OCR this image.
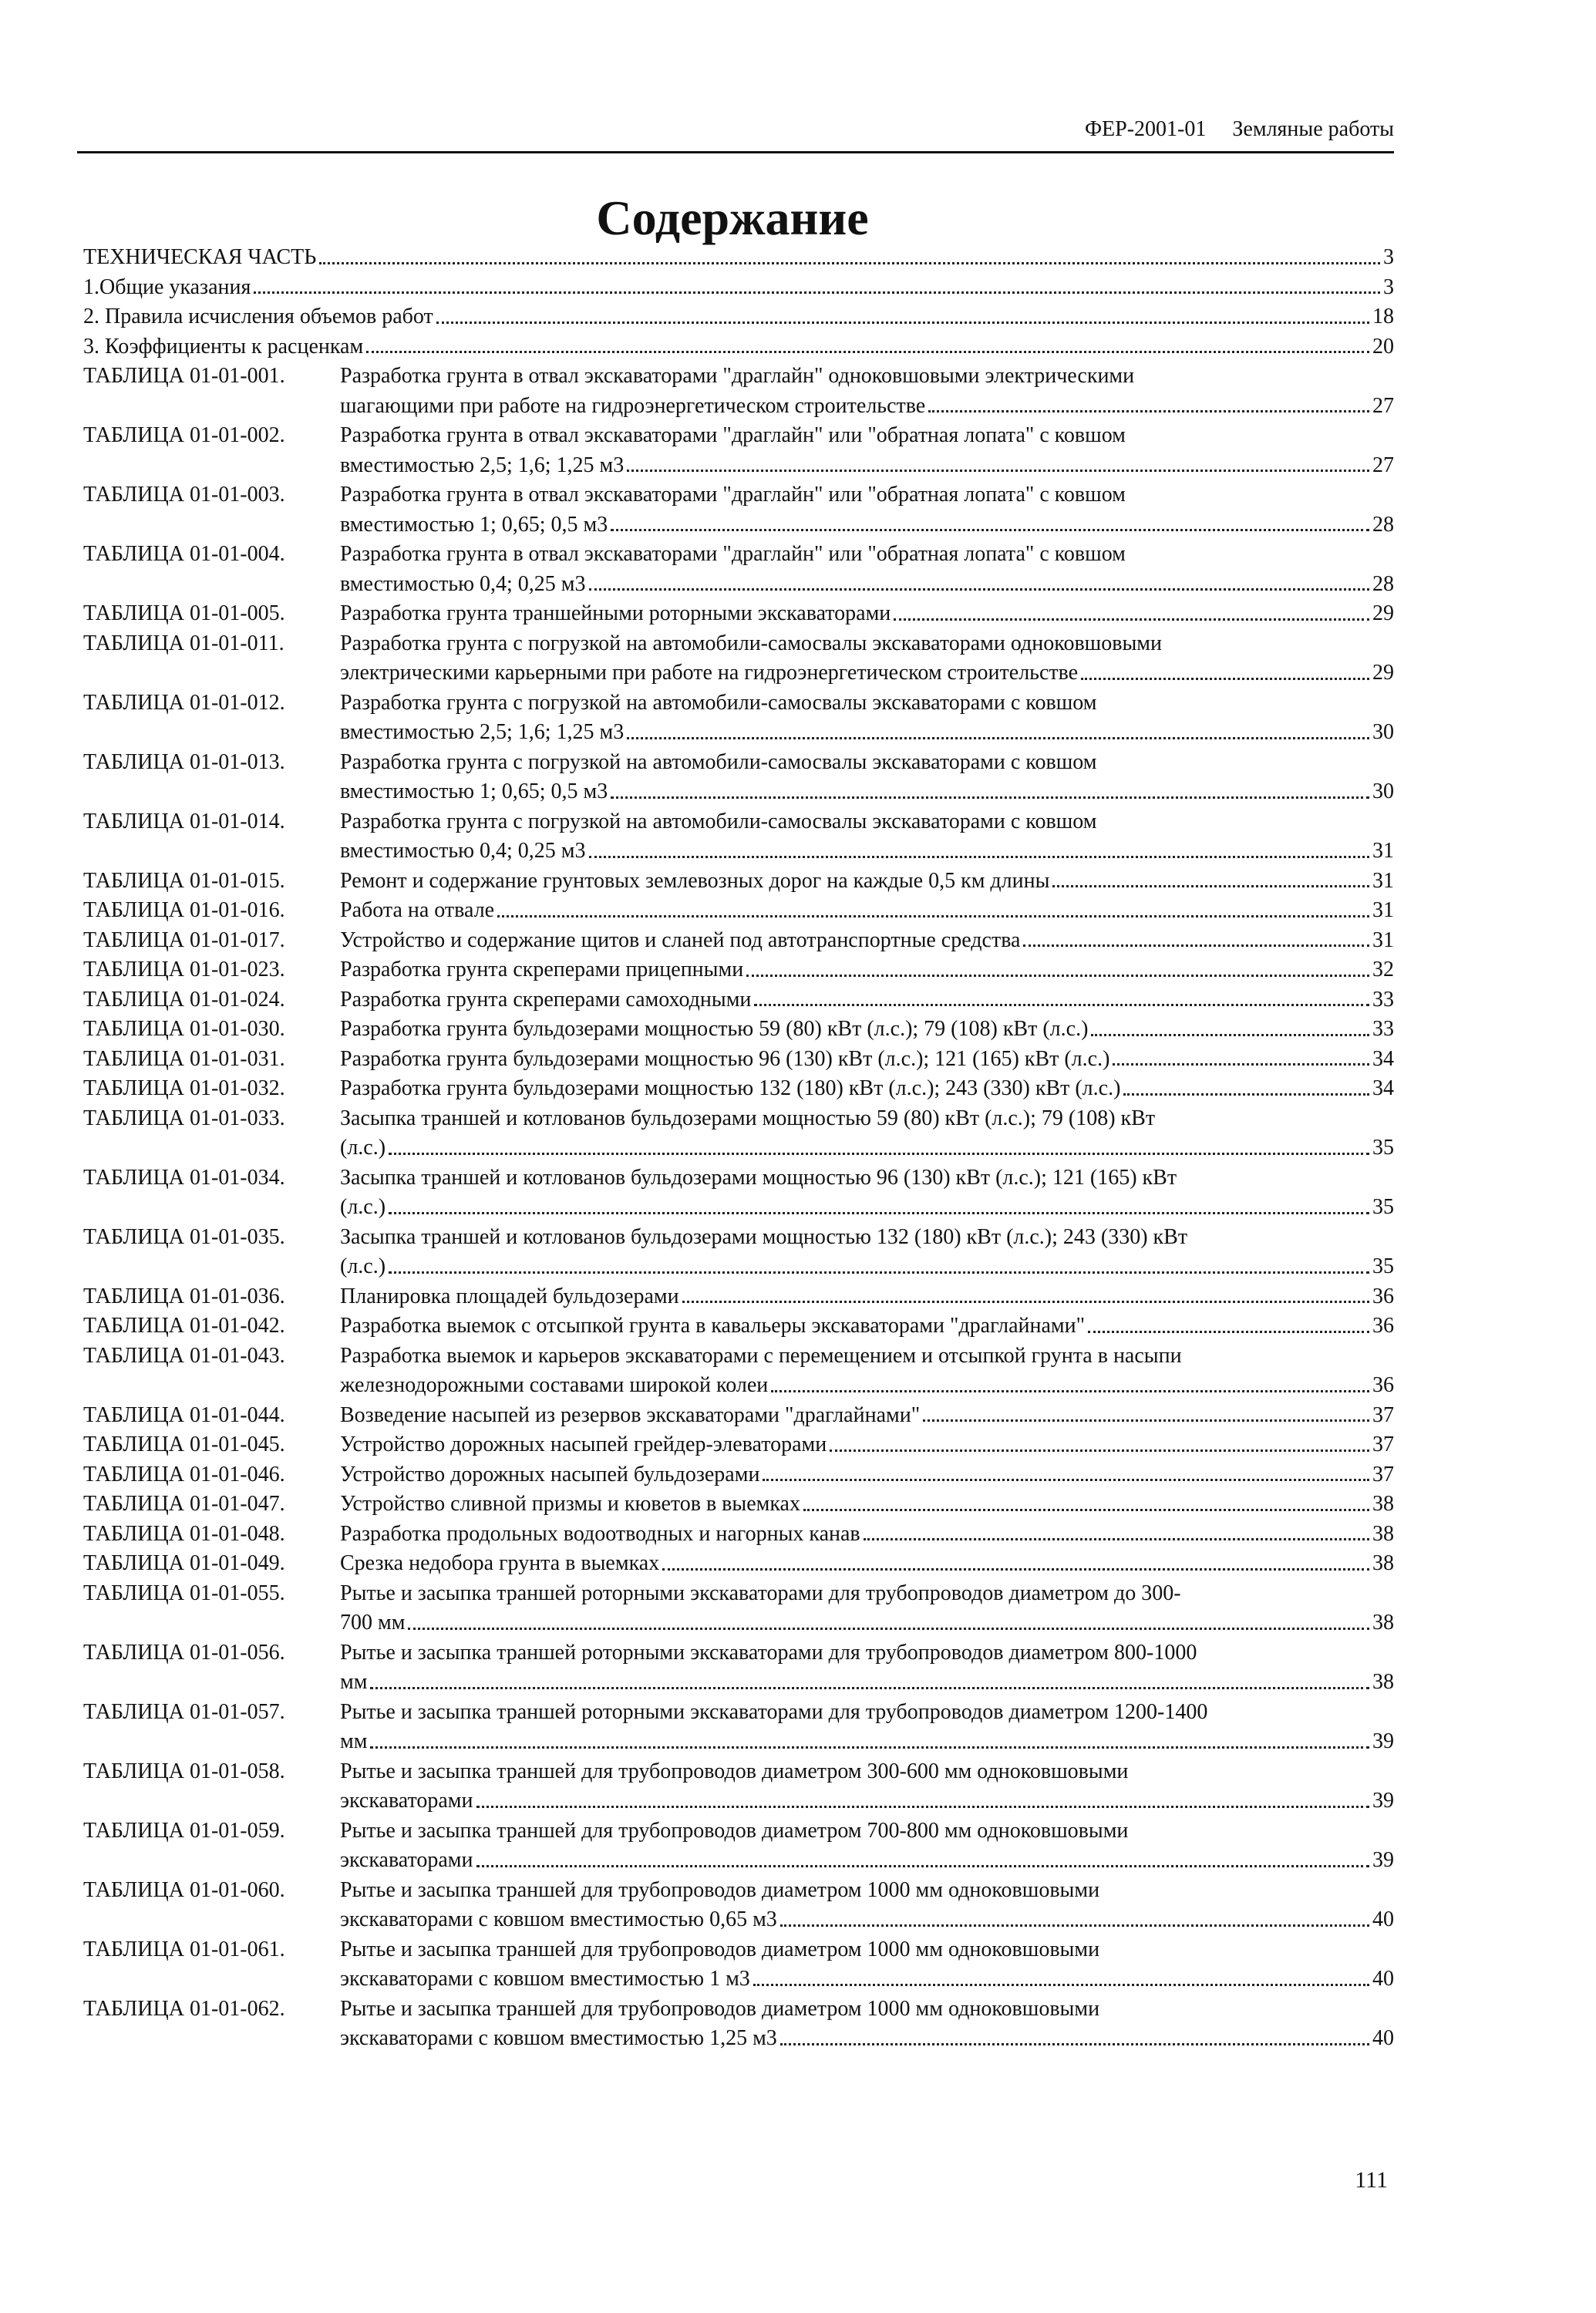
ФЕР-2001-01 Земляные работы
Содержание
ТЕХНИЧЕСКАЯ ЧАСТЬ	3
1.Общие указания	3
2. Правила исчисления объемов работ	18
3. Коэффициенты к расценкам	20
ТАБЛИЦА 01-01-001.	Разработка грунта в отвал экскаваторами "драглайн" одноковшовыми электрическими
шагающими при работе на гидроэнергетическом строительстве	27
ТАБЛИЦА 01-01-002.	Разработка грунта в отвал экскаваторами "драглайн" или "обратная лопата" с ковшом
вместимостью 2,5; 1,6; 1,25 м3	27
ТАБЛИЦА 01-01-003.	Разработка грунта в отвал экскаваторами "драглайн" или "обратная лопата" с ковшом
вместимостью 1; 0,65; 0,5 м3	28
ТАБЛИЦА 01-01-004.	Разработка грунта в отвал экскаваторами "драглайн" или "обратная лопата" с ковшом
вместимостью 0,4; 0,25 м3	28
ТАБЛИЦА 01-01-005.	Разработка грунта траншейными роторными экскаваторами	29
ТАБЛИЦА 01-01-011.	Разработка грунта с погрузкой на автомобили-самосвалы экскаваторами одноковшовыми
электрическими карьерными при работе на гидроэнергетическом строительстве	29
ТАБЛИЦА 01-01-012.	Разработка грунта с погрузкой на автомобили-самосвалы экскаваторами с ковшом
вместимостью 2,5; 1,6; 1,25 м3	30
ТАБЛИЦА 01-01-013.	Разработка грунта с погрузкой на автомобили-самосвалы экскаваторами с ковшом
вместимостью 1; 0,65; 0,5 м3	30
ТАБЛИЦА 01-01-014.	Разработка грунта с погрузкой на автомобили-самосвалы экскаваторами с ковшом
вместимостью 0,4; 0,25 м3	31
ТАБЛИЦА 01-01-015.	Ремонт и содержание грунтовых землевозных дорог на каждые 0,5 км длины	31
ТАБЛИЦА 01-01-016.	Работа на отвале	31
ТАБЛИЦА 01-01-017.	Устройство и содержание щитов и сланей под автотранспортные средства	31
ТАБЛИЦА 01-01-023.	Разработка грунта скреперами прицепными	32
ТАБЛИЦА 01-01-024.	Разработка грунта скреперами самоходными	33
ТАБЛИЦА 01-01-030.	Разработка грунта бульдозерами мощностью 59 (80) кВт (л.с.); 79 (108) кВт (л.с.)	33
ТАБЛИЦА 01-01-031.	Разработка грунта бульдозерами мощностью 96 (130) кВт (л.с.); 121 (165) кВт (л.с.)	34
ТАБЛИЦА 01-01-032.	Разработка грунта бульдозерами мощностью 132 (180) кВт (л.с.); 243 (330) кВт (л.с.)	34
ТАБЛИЦА 01-01-033.	Засыпка траншей и котлованов бульдозерами мощностью 59 (80) кВт (л.с.); 79 (108) кВт
(л.с.)	35
ТАБЛИЦА 01-01-034.	Засыпка траншей и котлованов бульдозерами мощностью 96 (130) кВт (л.с.); 121 (165) кВт
(л.с.)	35
ТАБЛИЦА 01-01-035.	Засыпка траншей и котлованов бульдозерами мощностью 132 (180) кВт (л.с.); 243 (330) кВт
(л.с.)	35
ТАБЛИЦА 01-01-036.	Планировка площадей бульдозерами	36
ТАБЛИЦА 01-01-042.	Разработка выемок с отсыпкой грунта в кавальеры экскаваторами "драглайнами"	36
ТАБЛИЦА 01-01-043.	Разработка выемок и карьеров экскаваторами с перемещением и отсыпкой грунта в насыпи
железнодорожными составами широкой колеи	36
ТАБЛИЦА 01-01-044.	Возведение насыпей из резервов экскаваторами "драглайнами"	37
ТАБЛИЦА 01-01-045.	Устройство дорожных насыпей грейдер-элеваторами	37
ТАБЛИЦА 01-01-046.	Устройство дорожных насыпей бульдозерами	37
ТАБЛИЦА 01-01-047.	Устройство сливной призмы и кюветов в выемках	38
ТАБЛИЦА 01-01-048.	Разработка продольных водоотводных и нагорных канав	38
ТАБЛИЦА 01-01-049.	Срезка недобора грунта в выемках	38
ТАБЛИЦА 01-01-055.	Рытье и засыпка траншей роторными экскаваторами для трубопроводов диаметром до 300-
700 мм	38
ТАБЛИЦА 01-01-056.	Рытье и засыпка траншей роторными экскаваторами для трубопроводов диаметром 800-1000
мм	38
ТАБЛИЦА 01-01-057.	Рытье и засыпка траншей роторными экскаваторами для трубопроводов диаметром 1200-1400
мм	39
ТАБЛИЦА 01-01-058.	Рытье и засыпка траншей для трубопроводов диаметром 300-600 мм одноковшовыми
экскаваторами	39
ТАБЛИЦА 01-01-059.	Рытье и засыпка траншей для трубопроводов диаметром 700-800 мм одноковшовыми
экскаваторами	39
ТАБЛИЦА 01-01-060.	Рытье и засыпка траншей для трубопроводов диаметром 1000 мм одноковшовыми
экскаваторами с ковшом вместимостью 0,65 м3	40
ТАБЛИЦА 01-01-061.	Рытье и засыпка траншей для трубопроводов диаметром 1000 мм одноковшовыми
экскаваторами с ковшом вместимостью 1 м3	40
ТАБЛИЦА 01-01-062.	Рытье и засыпка траншей для трубопроводов диаметром 1000 мм одноковшовыми
экскаваторами с ковшом вместимостью 1,25 м3	40
111
